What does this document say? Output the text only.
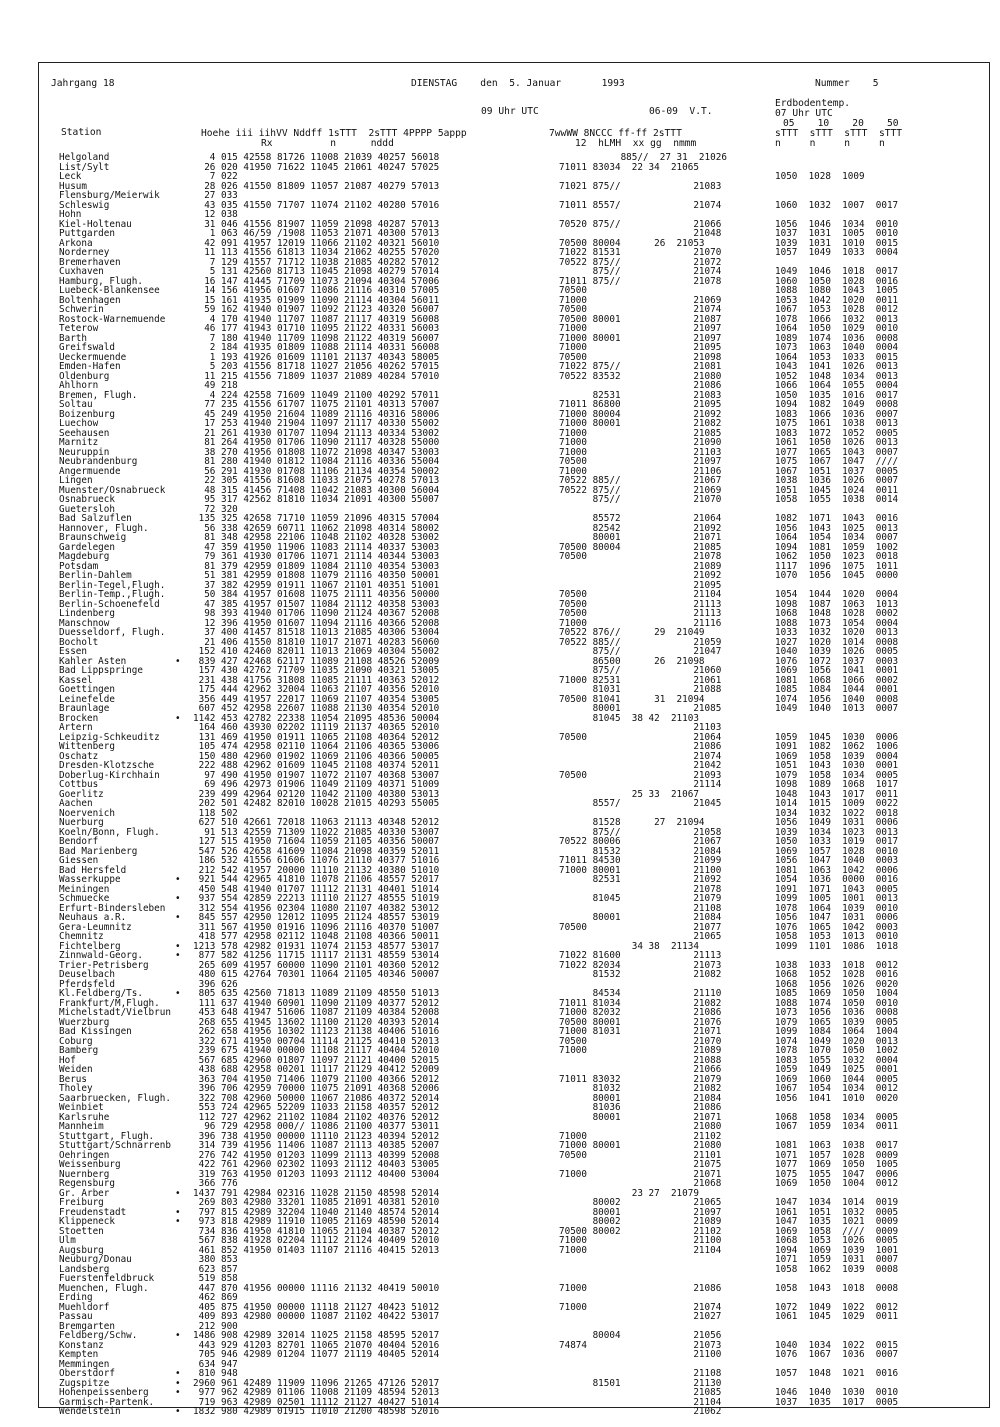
Jahrgang 18	DIENSTAG    den  5. Januar       1993	Nummer    5
09 Uhr UTC	06-09  V.T.
Erdbodentemp.
07 Uhr UTC
05    10    20    50
Station	Hoehe iii iihVV Nddff 1sTTT  2sTTT 4PPPP 5appp
Rx          n      nddd
7wwWW 8NCCC ff-ff 2sTTT
12  hLMH  xx gg  nmmm
sTTT  sTTT  sTTT  sTTT
n     n     n     n
Helgoland	4 015 42558 81726 11008 21039 40257 56018	885//  27 31  21026
List/Sylt	26 020 41950 71622 11045 21061 40247 57025	71011 83034  22 34  21065
Leck	7 022	1050  1028  1009
Husum	28 026 41550 81809 11057 21087 40279 57013	71021 875//             21083
Flensburg/Meierwik	27 033
Schleswig	43 035 41550 71707 11074 21102 40280 57016	71011 8557/             21074	1060  1032  1007  0017
Hohn	12 038
Kiel-Holtenau	31 046 41556 81907 11059 21098 40287 57013	70520 875//             21066	1056  1046  1034  0010
Puttgarden	1 063 46/59 /1908 11053 21071 40300 57013	21048	1037  1031  1005  0010
Arkona	42 091 41957 12019 11066 21102 40321 56010	70500 80004      26  21053	1039  1031  1010  0015
Norderney	11 113 41556 61813 11034 21062 40255 57020	71022 81531             21070	1057  1049  1033  0004
Bremerhaven	7 129 41557 71712 11038 21085 40282 57012	70522 875//             21072
Cuxhaven	5 131 42560 81713 11045 21098 40279 57014	875//             21074	1049  1046  1018  0017
Hamburg, Flugh.	16 147 41445 71709 11073 21094 40304 57006	71011 875//             21078	1060  1050  1028  0016
Luebeck-Blankensee	14 156 41956 01607 11086 21116 40310 57005	70500	1088  1080  1043  1005
Boltenhagen	15 161 41935 01909 11090 21114 40304 56011	71000                   21069	1053  1042  1020  0011
Schwerin	59 162 41940 01907 11092 21123 40320 56007	70500                   21074	1067  1053  1028  0012
Rostock-Warnemuende	4 170 41940 11707 11087 21117 40319 56008	70500 80001             21087	1078  1066  1032  0013
Teterow	46 177 41943 01710 11095 21122 40331 56003	71000                   21097	1064  1050  1029  0010
Barth	7 180 41940 11709 11098 21122 40319 56007	71000 80001             21097	1089  1074  1036  0008
Greifswald	2 184 41935 01809 11088 21114 40331 56008	71000                   21095	1073  1063  1040  0004
Ueckermuende	1 193 41926 01609 11101 21137 40343 58005	70500                   21098	1064  1053  1033  0015
Emden-Hafen	5 203 41556 81718 11027 21056 40262 57015	71022 875//             21081	1043  1041  1026  0013
Oldenburg	11 215 41556 71809 11037 21089 40284 57010	70522 83532             21080	1052  1048  1034  0013
Ahlhorn	49 218	21086	1066  1064  1055  0004
Bremen, Flugh.	4 224 42558 71609 11049 21100 40292 57011	82531             21083	1050  1035  1016  0017
Soltau	77 235 41556 61707 11075 21101 40313 57007	71011 86800             21095	1094  1082  1049  0008
Boizenburg	45 249 41950 21604 11089 21116 40316 58006	71000 80004             21092	1083  1066  1036  0007
Luechow	17 253 41940 21904 11097 21117 40330 55002	71000 80001             21082	1075  1061  1038  0013
Seehausen	21 261 41930 01707 11094 21113 40334 53002	71000                   21085	1083  1072  1052  0005
Marnitz	81 264 41950 01706 11090 21117 40328 55000	71000                   21090	1061  1050  1026  0013
Neuruppin	38 270 41956 01808 11072 21098 40347 53003	71000                   21103	1077  1065  1043  0007
Neubrandenburg	81 280 41940 01812 11084 21116 40336 55004	70500                   21097	1075  1067  1047  ////
Angermuende	56 291 41930 01708 11106 21134 40354 50002	71000                   21106	1067  1051  1037  0005
Lingen	22 305 41556 81608 11033 21075 40278 57013	70522 885//             21067	1038  1036  1026  0007
Muenster/Osnabrueck	48 315 41456 71408 11042 21083 40300 56004	70522 875//             21069	1051  1045  1024  0011
Osnabrueck	95 317 42562 81810 11034 21091 40300 55007	875//             21070	1058  1055  1038  0014
Guetersloh	72 320
Bad Salzuflen	135 325 42658 71710 11059 21096 40315 57004	85572             21064	1082  1071  1043  0016
Hannover, Flugh.	56 338 42659 60711 11062 21098 40314 58002	82542             21092	1056  1043  1025  0013
Braunschweig	81 348 42958 22106 11048 21102 40328 53002	80001             21071	1064  1054  1034  0007
Gardelegen	47 359 41950 11906 11083 21114 40337 53003	70500 80004             21085	1094  1081  1059  1002
Magdeburg	79 361 41930 01706 11071 21114 40344 53003	70500                   21078	1062  1050  1023  0018
Potsdam	81 379 42959 01809 11084 21110 40354 53003	21089	1117  1096  1075  1011
Berlin-Dahlem	51 381 42959 01808 11079 21116 40350 50001	21092	1070  1056  1045  0000
Berlin-Tegel,Flugh.	37 382 42959 01911 11067 21101 40351 51001	21095
Berlin-Temp.,Flugh.	50 384 41957 01608 11075 21111 40356 50000	70500                   21104	1054  1044  1020  0004
Berlin-Schoenefeld	47 385 41957 01507 11084 21112 40358 53003	70500                   21113	1098  1087  1063  1013
Lindenberg	98 393 41940 01706 11090 21124 40367 52008	70500                   21113	1068  1048  1028  0002
Manschnow	12 396 41950 01607 11094 21116 40366 52008	71000                   21116	1088  1073  1054  0004
Duesseldorf, Flugh.	37 400 41457 81518 11013 21085 40306 53004	70522 876//      29  21049	1033  1032  1020  0013
Bocholt	21 406 41550 81810 11017 21071 40283 56060	70522 885//             21059	1027  1020  1014  0008
Essen	152 410 42460 82011 11013 21069 40304 55002	875//             21047	1040  1039  1026  0005
Kahler Asten	• 839 427 42468 62117 11089 21108 48526 52009	86500      26  21098	1076  1072  1037  0003
Bad Lippspringe	157 430 42762 71709 11035 21090 40321 53005	875//             21060	1069  1056  1041  0001
Kassel	231 438 41756 31808 11085 21111 40363 52012	71000 82531             21061	1081  1068  1066  0002
Goettingen	175 444 42962 32004 11063 21107 40356 52010	81031             21088	1085  1084  1044  0001
Leinefelde	356 449 41957 22017 11069 21107 40354 53005	70500 81041      31  21094	1074  1056  1040  0008
Braunlage	607 452 42958 22607 11088 21130 40354 52010	80001             21085	1049  1040  1013  0007
Brocken	• 1142 453 42782 22338 11054 21095 48536 50004	81045  38 42  21103
Artern	164 460 43930 02202 11119 21137 40365 52010	21103
Leipzig-Schkeuditz	131 469 41950 01911 11065 21108 40364 52012	70500                   21064	1059  1045  1030  0006
Wittenberg	105 474 42958 02110 11064 21106 40365 53006	21086	1091  1082  1062  1006
Oschatz	150 480 42960 01902 11069 21106 40366 50005	21074	1069  1058  1039  0004
Dresden-Klotzsche	222 488 42962 01609 11045 21108 40374 52011	21042	1051  1043  1030  0001
Doberlug-Kirchhain	97 490 41950 01907 11072 21107 40368 53007	70500                   21093	1079  1058  1034  0005
Cottbus	69 496 42973 01906 11049 21109 40371 51009	21114	1098  1089  1068  1017
Goerlitz	239 499 42964 02120 11042 21100 40380 53013	25 33  21067	1048  1043  1017  0011
Aachen	202 501 42482 82010 10028 21015 40293 55005	8557/             21045	1014  1015  1009  0022
Noervenich	118 502	1034  1032  1022  0018
Nuerburg	627 510 42661 72018 11063 21113 40348 52012	81528      27  21094	1056  1049  1031  0006
Koeln/Bonn, Flugh.	91 513 42559 71309 11022 21085 40330 53007	875//             21058	1039  1034  1023  0013
Bendorf	127 515 41950 71604 11059 21105 40356 50007	70522 80006             21067	1050  1033  1019  0017
Bad Marienberg	547 526 42658 41609 11084 21098 40359 52011	81532             21084	1069  1057  1028  0010
Giessen	186 532 41556 61606 11076 21110 40377 51016	71011 84530             21099	1056  1047  1040  0003
Bad Hersfeld	212 542 41957 20000 11110 21132 40380 51010	71000 80001             21100	1081  1063  1042  0006
Wasserkuppe	• 921 544 42965 41810 11078 21106 48557 52017	82531             21092	1054  1036  0000  0016
Meiningen	450 548 41940 01707 11112 21131 40401 51014	21078	1091  1071  1043  0005
Schmuecke	• 937 554 42859 22213 11110 21127 48555 51019	81045             21079	1099  1005  1001  0013
Erfurt-Bindersleben	312 554 41956 02304 11080 21107 40382 53012	21108	1078  1064  1039  0010
Neuhaus a.R.	• 845 557 42950 12012 11095 21124 48557 53019	80001             21084	1056  1047  1031  0006
Gera-Leumnitz	311 567 41950 01916 11096 21116 40370 51007	70500                   21077	1076  1065  1042  0003
Chemnitz	418 577 42958 02112 11048 21108 40366 50011	21065	1058  1053  1013  0010
Fichtelberg	• 1213 578 42982 01931 11074 21153 48577 53017	34 38  21134	1099  1101  1086  1018
Zinnwald-Georg.	• 877 582 41256 11715 11117 21131 48559 53014	71022 81600             21113
Trier-Petrisberg	265 609 41957 60000 11090 21101 40360 52012	71022 82034             21073	1038  1033  1018  0012
Deuselbach	480 615 42764 70301 11064 21105 40346 50007	81532             21082	1068  1052  1028  0016
Pferdsfeld	396 626	1068  1056  1026  0020
Kl.Feldberg/Ts.	• 805 635 42560 71813 11089 21109 48550 51013	84534             21110	1085  1069  1050  1004
Frankfurt/M,Flugh.	111 637 41940 60901 11090 21109 40377 52012	71011 81034             21082	1088  1074  1050  0010
Michelstadt/Vielbrun 453 648 41947 51606 11087 21109 40384 52008	71000 82032             21086	1073  1056  1036  0008
Wuerzburg	268 655 41945 13602 11100 21120 40393 52014	70500 80001             21076	1079  1065  1039  0005
Bad Kissingen	262 658 41956 10302 11123 21138 40406 51016	71000 81031             21071	1099  1084  1064  1004
Coburg	322 671 41950 00704 11114 21125 40410 52013	70500                   21070	1074  1049  1020  0013
Bamberg	239 675 41940 00000 11108 21117 40404 52010	71000                   21089	1078  1070  1050  1002
Hof	567 685 42960 01807 11097 21121 40400 52015	21088	1083  1055  1032  0004
Weiden	438 688 42958 00201 11117 21129 40412 52009	21066	1059  1049  1025  0001
Berus	363 704 41950 71406 11079 21100 40366 52012	71011 83032             21079	1069  1060  1044  0005
Tholey	396 706 42959 70000 11075 21091 40368 52006	81032             21082	1067  1054  1034  0012
Saarbruecken, Flugh. 322 708 42960 50000 11067 21086 40372 52014	80001             21084	1056  1041  1010  0020
Weinbiet	553 724 42965 52209 11033 21158 40357 52012	81036             21086
Karlsruhe	112 727 42962 21102 11084 21102 40376 52012	80001             21071	1068  1058  1034  0005
Mannheim	96 729 42958 000// 11086 21100 40377 53011	21080	1067  1059  1034  0011
Stuttgart, Flugh.	396 738 41950 00000 11110 21123 40394 52012	71000                   21102
Stuttgart/Schnarrenb 314 739 41956 11406 11087 21113 40385 52007	71000 80001             21080	1081  1063  1038  0017
Oehringen	276 742 41950 01203 11099 21113 40399 52008	70500                   21101	1071  1057  1028  0009
Weissenburg	422 761 42960 02302 11093 21112 40403 53005	21075	1077  1069  1050  1005
Nuernberg	319 763 41950 01203 11093 21112 40400 53004	71000                   21071	1075  1055  1047  0006
Regensburg	366 776	21068	1069  1050  1004  0012
Gr. Arber	• 1437 791 42984 02316 11028 21150 48598 52014	23 27  21079
Freiburg	269 803 42980 33201 11085 21091 40381 52010	80002             21065	1047  1034  1014  0019
Freudenstadt	• 797 815 42989 32204 11040 21140 48574 52014	80001             21097	1061  1051  1032  0005
Klippeneck	• 973 818 42989 11910 11005 21169 48590 52014	80002             21089	1047  1035  1021  0009
Stoetten	734 836 41950 41810 11065 21104 40387 52012	70500 80002             21102	1069  1058  ////  0009
Ulm	567 838 41928 02204 11112 21124 40409 52010	71000                   21100	1068  1053  1026  0005
Augsburg	461 852 41950 01403 11107 21116 40415 52013	71000                   21104	1094  1069  1039  1001
Neuburg/Donau	380 853	1071  1059  1031  0007
Landsberg	623 857	1058  1062  1039  0008
Fuerstenfeldbruck	519 858
Muenchen, Flugh.	447 870 41956 00000 11116 21132 40419 50010	71000                   21086	1058  1043  1018  0008
Erding	462 869
Muehldorf	405 875 41950 00000 11118 21127 40423 51012	71000                   21074	1072  1049  1022  0012
Passau	409 893 42980 00000 11087 21102 40422 53017	21027	1061  1045  1029  0011
Bremgarten	212 900
Feldberg/Schw.	• 1486 908 42989 32014 11025 21158 48595 52017	80004             21056
Konstanz	443 929 41203 82701 11065 21070 40404 52016	74874                   21073	1040  1034  1022  0015
Kempten	705 946 42989 01204 11077 21119 40405 52014	21100	1076  1067  1036  0007
Memmingen	634 947
Oberstdorf	• 810 948	21108	1057  1048  1021  0016
Zugspitze	• 2960 961 42489 11909 11096 21265 47126 52017	81501             21130
Hohenpeissenberg	• 977 962 42989 01106 11008 21109 48594 52013	21085	1046  1040  1030  0010
Garmisch-Partenk.	719 963 42989 02501 11112 21127 40427 51014	21104	1037  1035  1017  0005
Wendelstein	• 1832 980 42989 01915 11010 21200 48598 52016	21062
